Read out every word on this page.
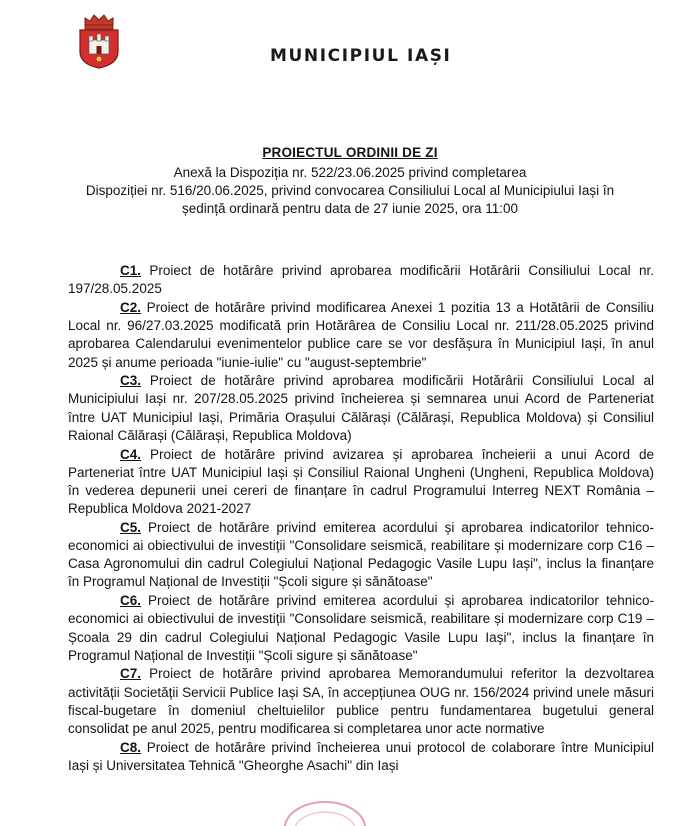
MUNICIPIUL IAȘI
PROIECTUL ORDINII DE ZI
Anexă la Dispoziția nr. 522/23.06.2025 privind completarea
Dispoziției nr. 516/20.06.2025, privind convocarea Consiliului Local al Municipiului Iași în
ședință ordinară pentru data de 27 iunie 2025, ora 11:00

C1. Proiect de hotărâre privind aprobarea modificării Hotărârii Consiliului Local nr. 197/28.05.2025

C2. Proiect de hotărâre privind modificarea Anexei 1 pozitia 13 a Hotătârii de Consiliu Local nr. 96/27.03.2025 modificată prin Hotărârea de Consiliu Local nr. 211/28.05.2025 privind aprobarea Calendarului evenimentelor publice care se vor desfășura în Municipiul Iași, în anul 2025 și anume perioada "iunie-iulie" cu "august-septembrie"

C3. Proiect de hotărâre privind aprobarea modificării Hotărârii Consiliului Local al Municipiului Iași nr. 207/28.05.2025 privind încheierea și semnarea unui Acord de Parteneriat între UAT Municipiul Iași, Primăria Orașului Călărași (Călărași, Republica Moldova) și Consiliul Raional Călărași (Călărași, Republica Moldova)

C4. Proiect de hotărâre privind avizarea și aprobarea încheierii a unui Acord de Parteneriat între UAT Municipiul Iași și Consiliul Raional Ungheni (Ungheni, Republica Moldova) în vederea depunerii unei cereri de finanțare în cadrul Programului Interreg NEXT România – Republica Moldova 2021-2027

C5. Proiect de hotărâre privind emiterea acordului și aprobarea indicatorilor tehnico-economici ai obiectivului de investiții "Consolidare seismică, reabilitare și modernizare corp C16 – Casa Agronomului din cadrul Colegiului Național Pedagogic Vasile Lupu Iași", inclus la finanțare în Programul Național de Investiții "Școli sigure și sănătoase"

C6. Proiect de hotărâre privind emiterea acordului și aprobarea indicatorilor tehnico-economici ai obiectivului de investiții "Consolidare seismică, reabilitare și modernizare corp C19 – Școala 29 din cadrul Colegiului Național Pedagogic Vasile Lupu Iași", inclus la finanțare în Programul Național de Investiții "Școli sigure și sănătoase"

C7. Proiect de hotărâre privind aprobarea Memorandumului referitor la dezvoltarea activității Societății Servicii Publice Iași SA, în accepțiunea OUG nr. 156/2024 privind unele măsuri fiscal-bugetare în domeniul cheltuielilor publice pentru fundamentarea bugetului general consolidat pe anul 2025, pentru modificarea si completarea unor acte normative

C8. Proiect de hotărâre privind încheierea unui protocol de colaborare între Municipiul Iași și Universitatea Tehnică "Gheorghe Asachi" din Iași
